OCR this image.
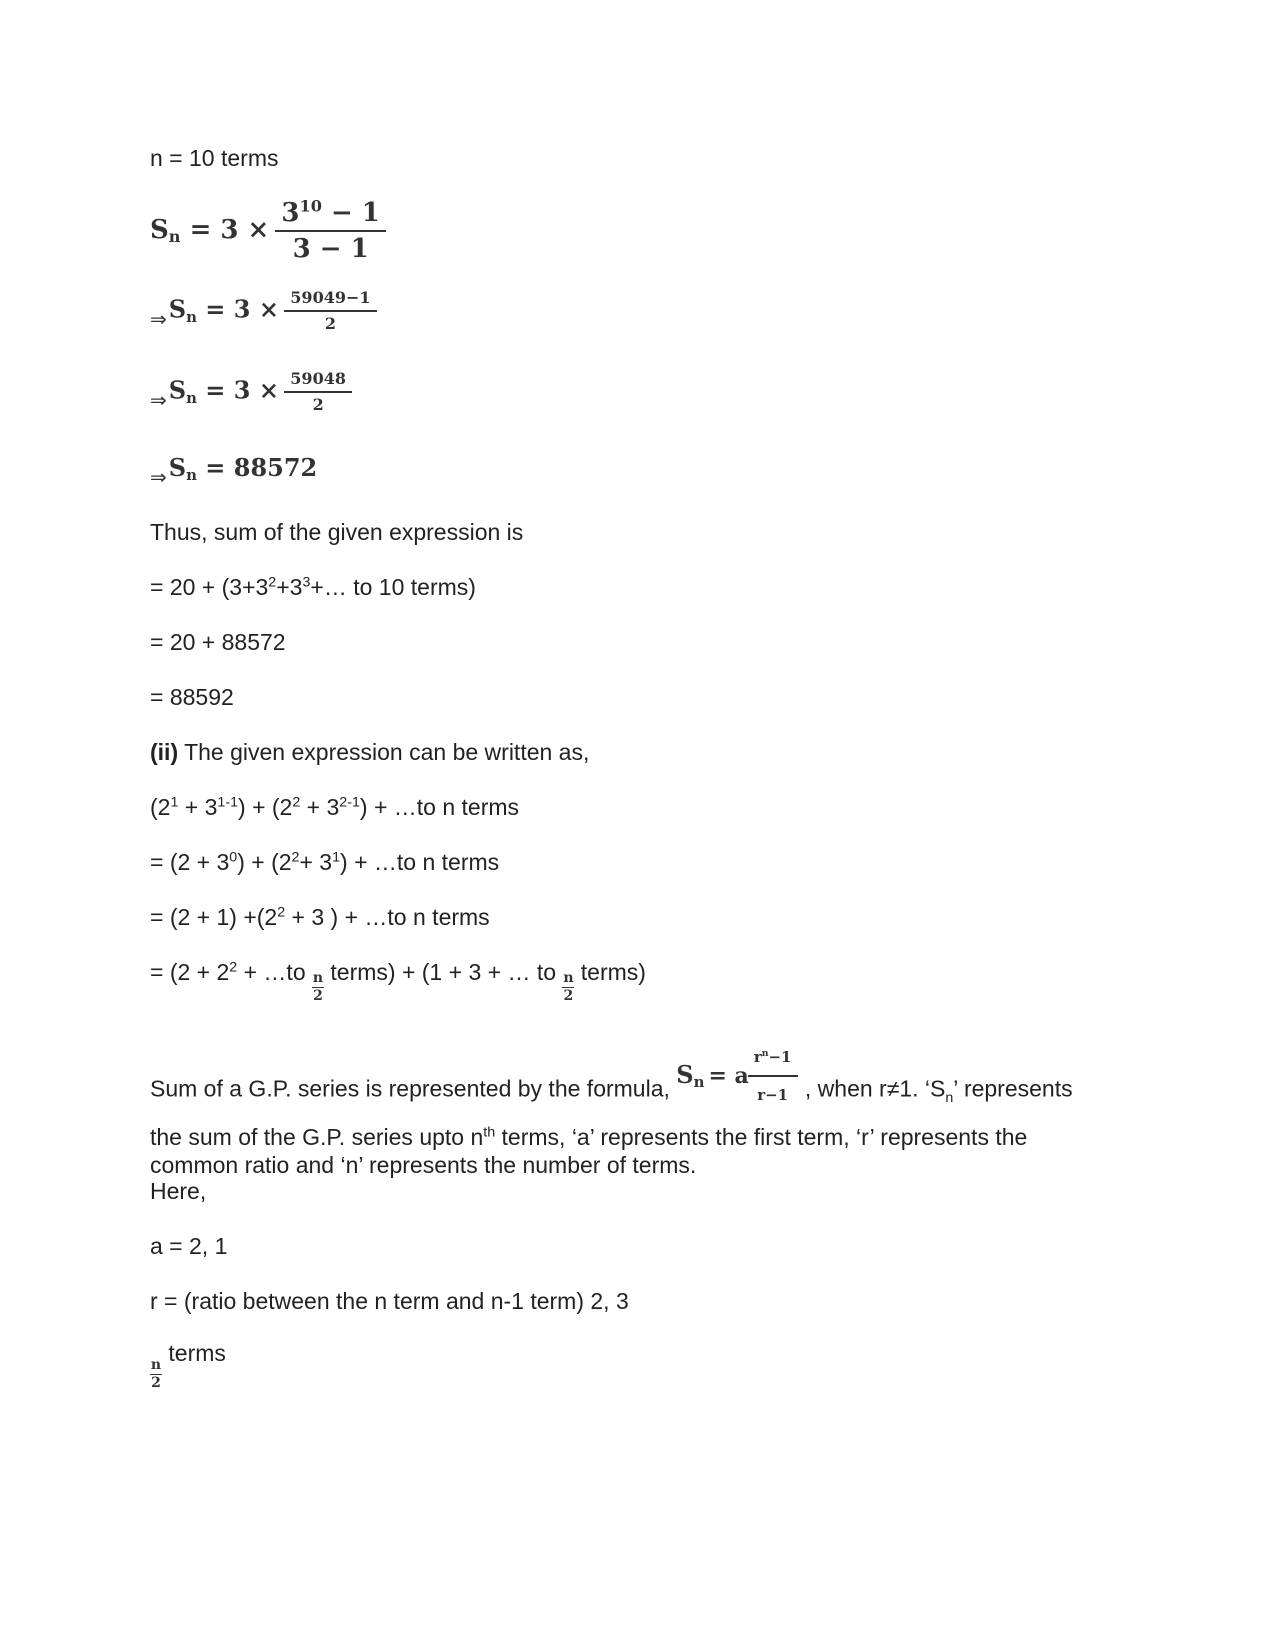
n = 10 terms
$S_n = 3 \times \frac{3^{10} - 1}{3 - 1}$
$_\Rightarrow S_n = 3 \times \frac{59049-1}{2}$
$_\Rightarrow S_n = 3 \times \frac{59048}{2}$
$_\Rightarrow S_n = 88572$
Thus, sum of the given expression is
= $20 + (3+3^2+3^3+\dots$ to 10 terms)
= 20 + 88572
= 88592
(ii) The given expression can be written as,
$(2^1 + 3^{1-1}) + (2^2 + 3^{2-1})$ + …to n terms
= $(2 + 3^0) + (2^2+ 3^1)$ + …to n terms
= $(2 + 1) +(2^2 + 3$ ) + …to n terms
= ($2 + 2^2$ + …to $\frac{n}{2}$ terms) + (1 + 3 + … to $\frac{n}{2}$ terms)
Sum of a G.P. series is represented by the formula, $S_n = a \frac{r^n-1}{r-1}$ , when r≠1. ‘$S_n$’ represents the sum of the G.P. series upto $n^{th}$ terms, ‘a’ represents the first term, ‘r’ represents the common ratio and ‘n’ represents the number of terms.
Here,
a = 2, 1
r = (ratio between the n term and n-1 term) 2, 3
$\frac{n}{2}$
terms
